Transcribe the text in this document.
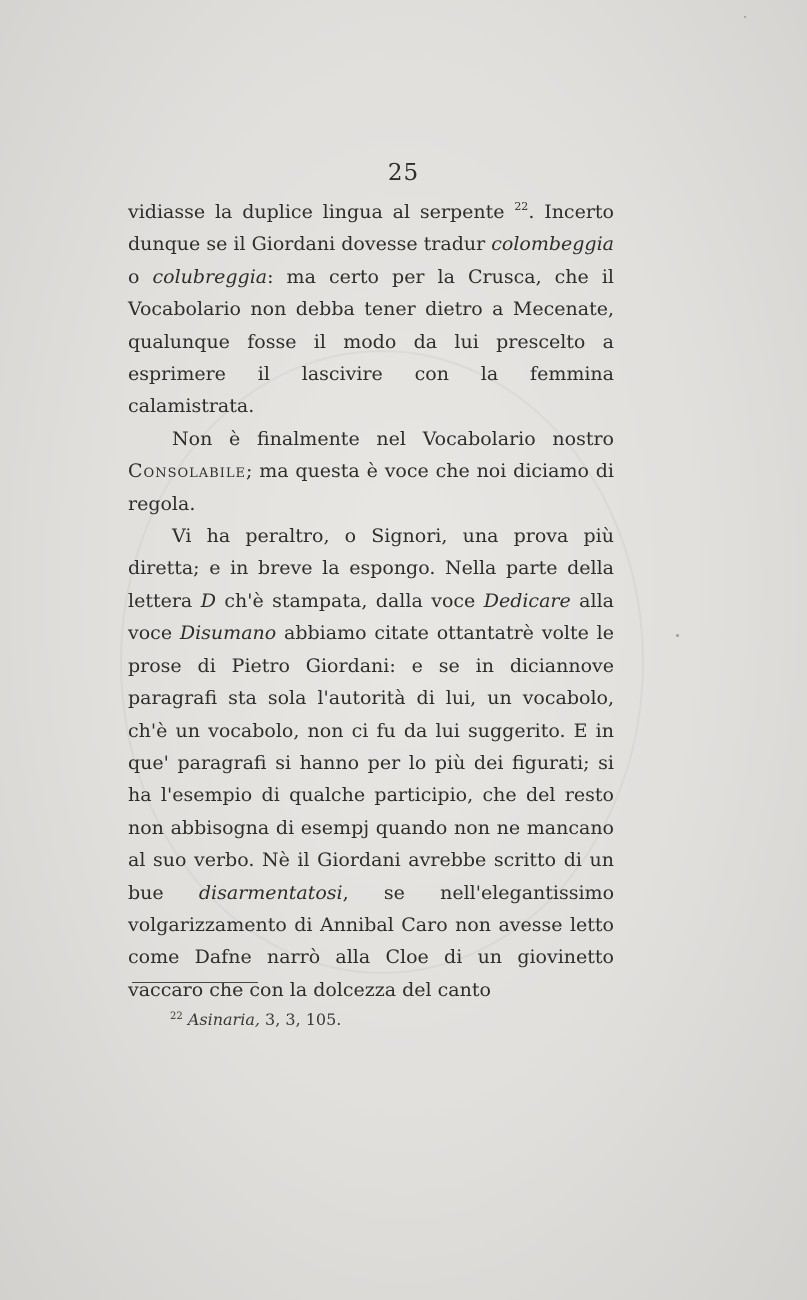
25

vidiasse la duplice lingua al serpente $^{22}$. Incerto dunque se il Giordani dovesse tradur colombeggia o colubreggia: ma certo per la Crusca, che il Vocabolario non debba tener dietro a Mecenate, qualunque fosse il modo da lui prescelto a esprimere il lascivire con la femmina calamistrata.

Non è finalmente nel Vocabolario nostro Consolabile; ma questa è voce che noi diciamo di regola.

Vi ha peraltro, o Signori, una prova più diretta; e in breve la espongo. Nella parte della lettera D ch'è stampata, dalla voce Dedicare alla voce Disumano abbiamo citate ottantatrè volte le prose di Pietro Giordani: e se in diciannove paragrafi sta sola l'autorità di lui, un vocabolo, ch'è un vocabolo, non ci fu da lui suggerito. E in que' paragrafi si hanno per lo più dei figurati; si ha l'esempio di qualche participio, che del resto non abbisogna di esempj quando non ne mancano al suo verbo. Nè il Giordani avrebbe scritto di un bue disarmentatosi, se nell'elegantissimo volgarizzamento di Annibal Caro non avesse letto come Dafne narrò alla Cloe di un giovinetto vaccaro che con la dolcezza del canto

$^{22}$ Asinaria, 3, 3, 105.
